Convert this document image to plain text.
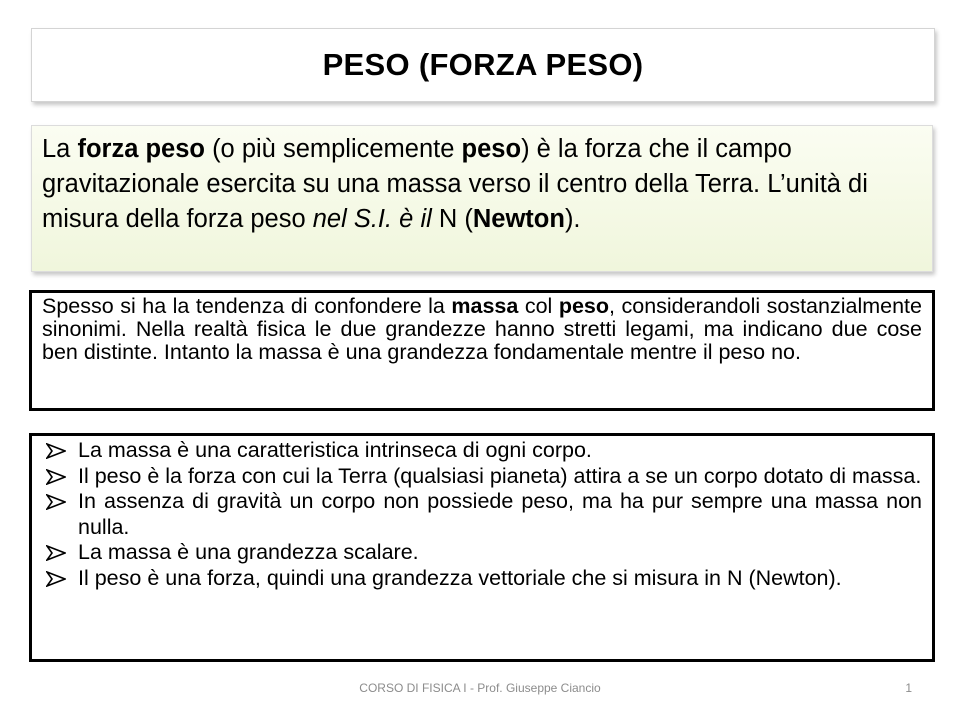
PESO (FORZA PESO)

La forza peso (o più semplicemente peso) è la forza che il campo gravitazionale esercita su una massa verso il centro della Terra. L’unità di misura della forza peso nel S.I. è il N (Newton).

Spesso si ha la tendenza di confondere la massa col peso, considerandoli sostanzialmente sinonimi. Nella realtà fisica le due grandezze hanno stretti legami, ma indicano due cose ben distinte. Intanto la massa è una grandezza fondamentale mentre il peso no.

La massa è una caratteristica intrinseca di ogni corpo.
Il peso è la forza con cui la Terra (qualsiasi pianeta) attira a se un corpo dotato di massa.
In assenza di gravità un corpo non possiede peso, ma ha pur sempre una massa non nulla.
La massa è una grandezza scalare.
Il peso è una forza, quindi una grandezza vettoriale che si misura in N (Newton).
CORSO DI FISICA I - Prof. Giuseppe Ciancio	1
